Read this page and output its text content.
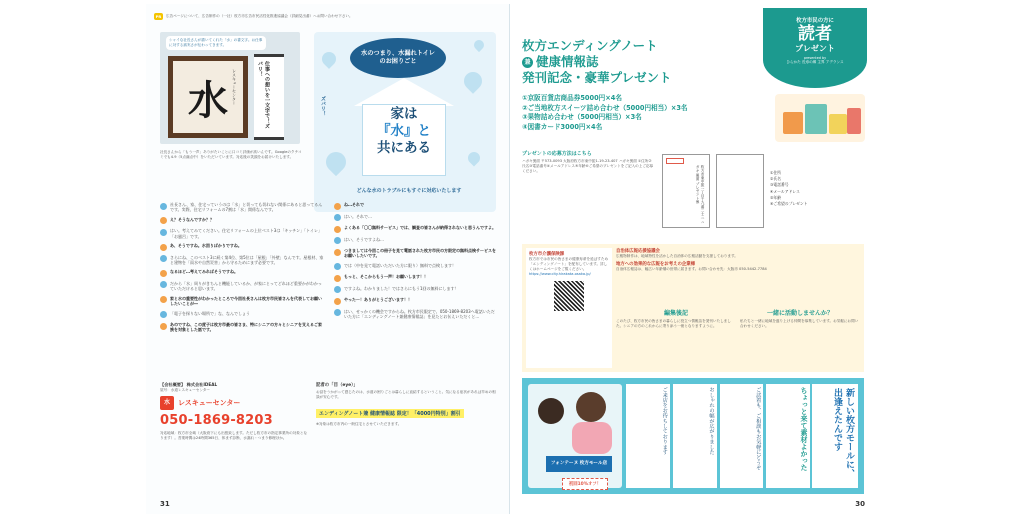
PR	広告ページについて、広告制作の（一社）枚方市広告市民活性化推進協議会（詳細見出番）へお問い合わせ下さい。
シャイな社長さんが描いてくれた「水」の書文字。お仕事に対する誠実さが伝わってきます。
水 レスキューセンター	仕事への想いを一文字で！ズバリ！
社長さんから「もう一声」ありがたいことに口コミ評価が高いんです。Googleのクチコミでも4.9（5点満点中）をいただいています。対応後の笑顔をお届けいたします。
水のつまり、水漏れトイレのお困りごと
ズバリ！	家は
『水』と
共にある
どんな水のトラブルにもすぐに対応いたします
社長さん、家、住宅っていうのは「水」と切っても切れない関係にあると思ってるんです。実際、住宅リフォームの7割は「水」関係なんです。
え？そうなんですか？？
はい。考えてみてください。住宅リフォームの上位ベスト3は「キッチン」「トイレ」「お風呂」です。
あ、そうですね。水回りばかりですね。
さらにね、このベスト3に続く第4位、第5位は「屋根」「外壁」なんです。屋根材、家と建物を「雨水や自然災害」から守るためにまず必要です。
なるほど…考えてみればそうですね。
だから「水」周りがきちんと機能しているか、が家にとってどれほど重要かがわかっていただけると思います。
家と水の重要性がわかったところで今回社長さんは枚方市民皆さんを代表してお願いしたいことが―
「電子を探りない場所で」な、なんでしょう
あのですね、この度子は枚方市最の皆さま、特にシニアの方々とシニアを支えるご家族を対象とした話です。
ね…それで
はい。それで…
よくある「〇〇無料サービス」では、調査の皆さんが納得されないと思うんですよ。
はい、そうですよね…
つきましては今回この冊子を見て電話された枚方市民の方限定の無料点検サービスをお願いしたいです。
では〈中を見て電話いただいた方に限り〉無料で点検します！
もっと、そこからもう一声！お願いします！！
ですよね。わかりました！ではさらにもう1回の無料にします！
やったー！ありがとうございます！！
はい、せっかくの機会ですからね。枚方市民限定で、050-1869-8203へ電話いただいた方に「エンディングノート兼健康情報誌」を見たとお伝えいただくと…
【会社概要】 株式会社IDEAL
屋号：水道レスキューセンター
水	レスキューセンター
050-1869-8203
対応地域：枚方市全域（大阪府下にも出張致します。ただし枚方市の指定事業所の対象となります）。営業時間は24時間365日、休まず診断、水漏れ・つまり修理ほか。
記者の「目（eye）」
お話をうかがって感じたのは、水道の困りごとは暮らしに直結するということ。気になる症状があれば早めの相談が安心です。
エンディングノート兼 健康情報誌 限定！「4000円特別」割引
※対象は枚方市内の一般住宅とさせていただきます。
31
枚方市民の方に
読者
プレゼント
presented by
ひらかた 長寿の郷 主界 アデランス
枚方エンディングノート
兼 健康情報誌
発刊記念・豪華プレゼント
①京阪百貨店商品券5000円×4名
②ご当地枚方スイーツ詰め合わせ（5000円相当）×3名
③果物詰め合わせ（5000円相当）×3名
④図書カード3000円×4名
プレゼントの応募方法はこちら
ハガキ裏面 〒573-0093 大阪府枚方市東中振1-19-23-407 ハガキ裏面 ①住所②氏名③電話番号④メールアドレス⑤年齢⑥ご希望のプレゼントをご記入の上ご応募ください。	枚方市東中振一丁目十九番二十三 ハガキ 裏面 プレゼント係	①住所
②氏名
③電話番号
④メールアドレス
⑤年齢
⑥ご希望のプレゼント
枚方市介護保険課
枚方市では市民の皆さまの健康寿命を延ばすため「エンディングノート」を配布しています。詳しくはホームページをご覧ください。
https://www.city.hirakata.osaka.jp/
自治体広報応援協議会
広報物制作は、地域特性を活かした自治体の広報活動を支援しております。
地方への効果的な広報をお考えの企業様
自治体広報誌は、幅広い年齢層の世帯に届きます。お問い合わせ先：大阪市 050-5442-7784
編集後記
このたび、枚方市民の皆さまの暮らしに役立つ情報誌を発刊いたしました。シニアの方のこれからに寄り添う一冊となりますように。
一緒に活動しませんか？
私たちと一緒に地域を盛り上げる仲間を募集しています。お気軽にお問い合わせください。
フォンテーヌ 枚方モール店
初回10%オフ！
ちょっと来て素材よかった
ご試着も、ご相談もお気軽にどうぞ
おしゃれの幅が広がりました
ご来店をお待ちしております	新しい枚方モールに、出逢えたんです
30
